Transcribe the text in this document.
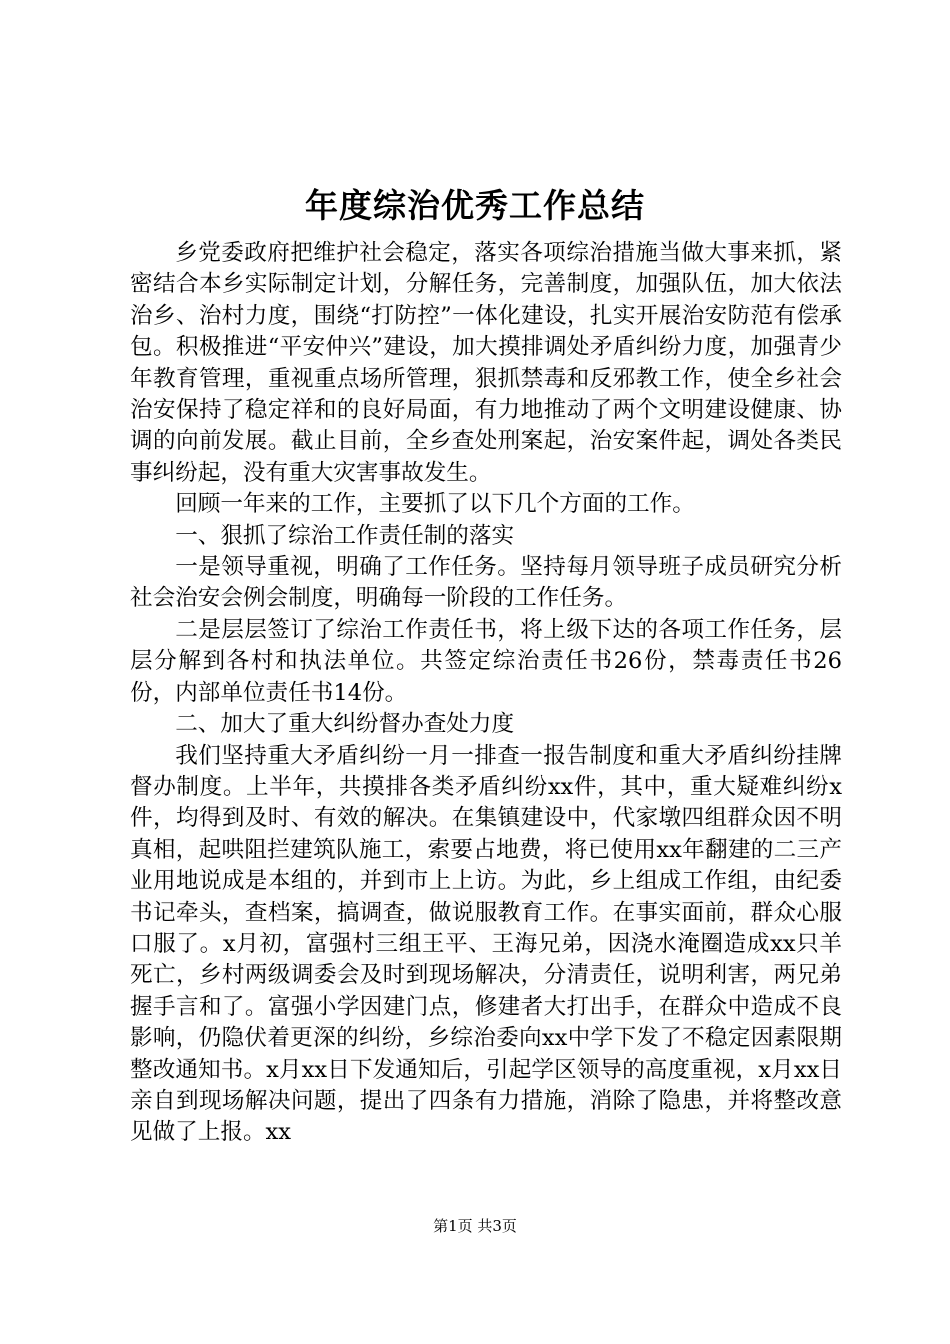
年度综治优秀工作总结

乡党委政府把维护社会稳定，落实各项综治措施当做大事来抓，紧密结合本乡实际制定计划，分解任务，完善制度，加强队伍，加大依法治乡、治村力度，围绕“打防控”一体化建设，扎实开展治安防范有偿承包。积极推进“平安仲兴”建设，加大摸排调处矛盾纠纷力度，加强青少年教育管理，重视重点场所管理，狠抓禁毒和反邪教工作，使全乡社会治安保持了稳定祥和的良好局面，有力地推动了两个文明建设健康、协调的向前发展。截止目前，全乡查处刑案起，治安案件起，调处各类民事纠纷起，没有重大灾害事故发生。

回顾一年来的工作，主要抓了以下几个方面的工作。

一、狠抓了综治工作责任制的落实

一是领导重视，明确了工作任务。坚持每月领导班子成员研究分析社会治安会例会制度，明确每一阶段的工作任务。

二是层层签订了综治工作责任书，将上级下达的各项工作任务，层层分解到各村和执法单位。共签定综治责任书26份，禁毒责任书26份，内部单位责任书14份。

二、加大了重大纠纷督办查处力度

我们坚持重大矛盾纠纷一月一排查一报告制度和重大矛盾纠纷挂牌督办制度。上半年，共摸排各类矛盾纠纷xx件，其中，重大疑难纠纷x件，均得到及时、有效的解决。在集镇建设中，代家墩四组群众因不明真相，起哄阻拦建筑队施工，索要占地费，将已使用xx年翻建的二三产业用地说成是本组的，并到市上上访。为此，乡上组成工作组，由纪委书记牵头，查档案，搞调查，做说服教育工作。在事实面前，群众心服口服了。x月初，富强村三组王平、王海兄弟，因浇水淹圈造成xx只羊死亡，乡村两级调委会及时到现场解决，分清责任，说明利害，两兄弟握手言和了。富强小学因建门点，修建者大打出手，在群众中造成不良影响，仍隐伏着更深的纠纷，乡综治委向xx中学下发了不稳定因素限期整改通知书。x月xx日下发通知后，引起学区领导的高度重视，x月xx日亲自到现场解决问题，提出了四条有力措施，消除了隐患，并将整改意见做了上报。xx

第1页 共3页
